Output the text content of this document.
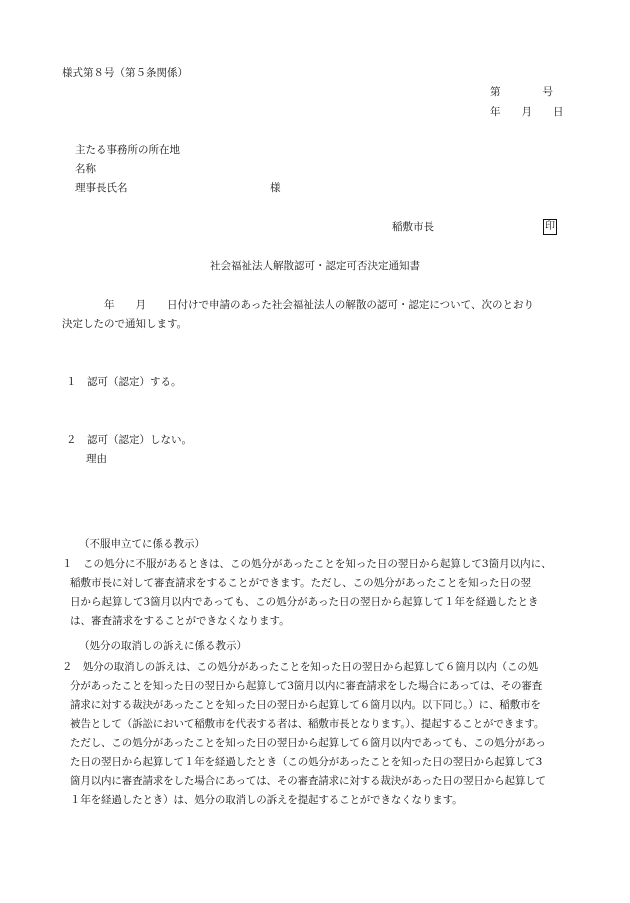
様式第８号（第５条関係）
第　　　　号
年　　月　　日
主たる事務所の所在地
名称
理事長氏名	様
稲敷市長	印
社会福祉法人解散認可・認定可否決定通知書
　　　　年　　月　　日付けで申請のあった社会福祉法人の解散の認可・認定について、次のとおり
決定したので通知します。
１　認可（認定）する。
２　認可（認定）しない。
理由
（不服申立てに係る教示）
１　この処分に不服があるときは、この処分があったことを知った日の翌日から起算して3箇月以内に、
稲敷市長に対して審査請求をすることができます。ただし、この処分があったことを知った日の翌
日から起算して3箇月以内であっても、この処分があった日の翌日から起算して１年を経過したとき
は、審査請求をすることができなくなります。
（処分の取消しの訴えに係る教示）
２　処分の取消しの訴えは、この処分があったことを知った日の翌日から起算して６箇月以内（この処
分があったことを知った日の翌日から起算して3箇月以内に審査請求をした場合にあっては、その審査
請求に対する裁決があったことを知った日の翌日から起算して６箇月以内。以下同じ。）に、稲敷市を
被告として（訴訟において稲敷市を代表する者は、稲敷市長となります。）、提起することができます。
ただし、この処分があったことを知った日の翌日から起算して６箇月以内であっても、この処分があっ
た日の翌日から起算して１年を経過したとき（この処分があったことを知った日の翌日から起算して3
箇月以内に審査請求をした場合にあっては、その審査請求に対する裁決があった日の翌日から起算して
１年を経過したとき）は、処分の取消しの訴えを提起することができなくなります。
